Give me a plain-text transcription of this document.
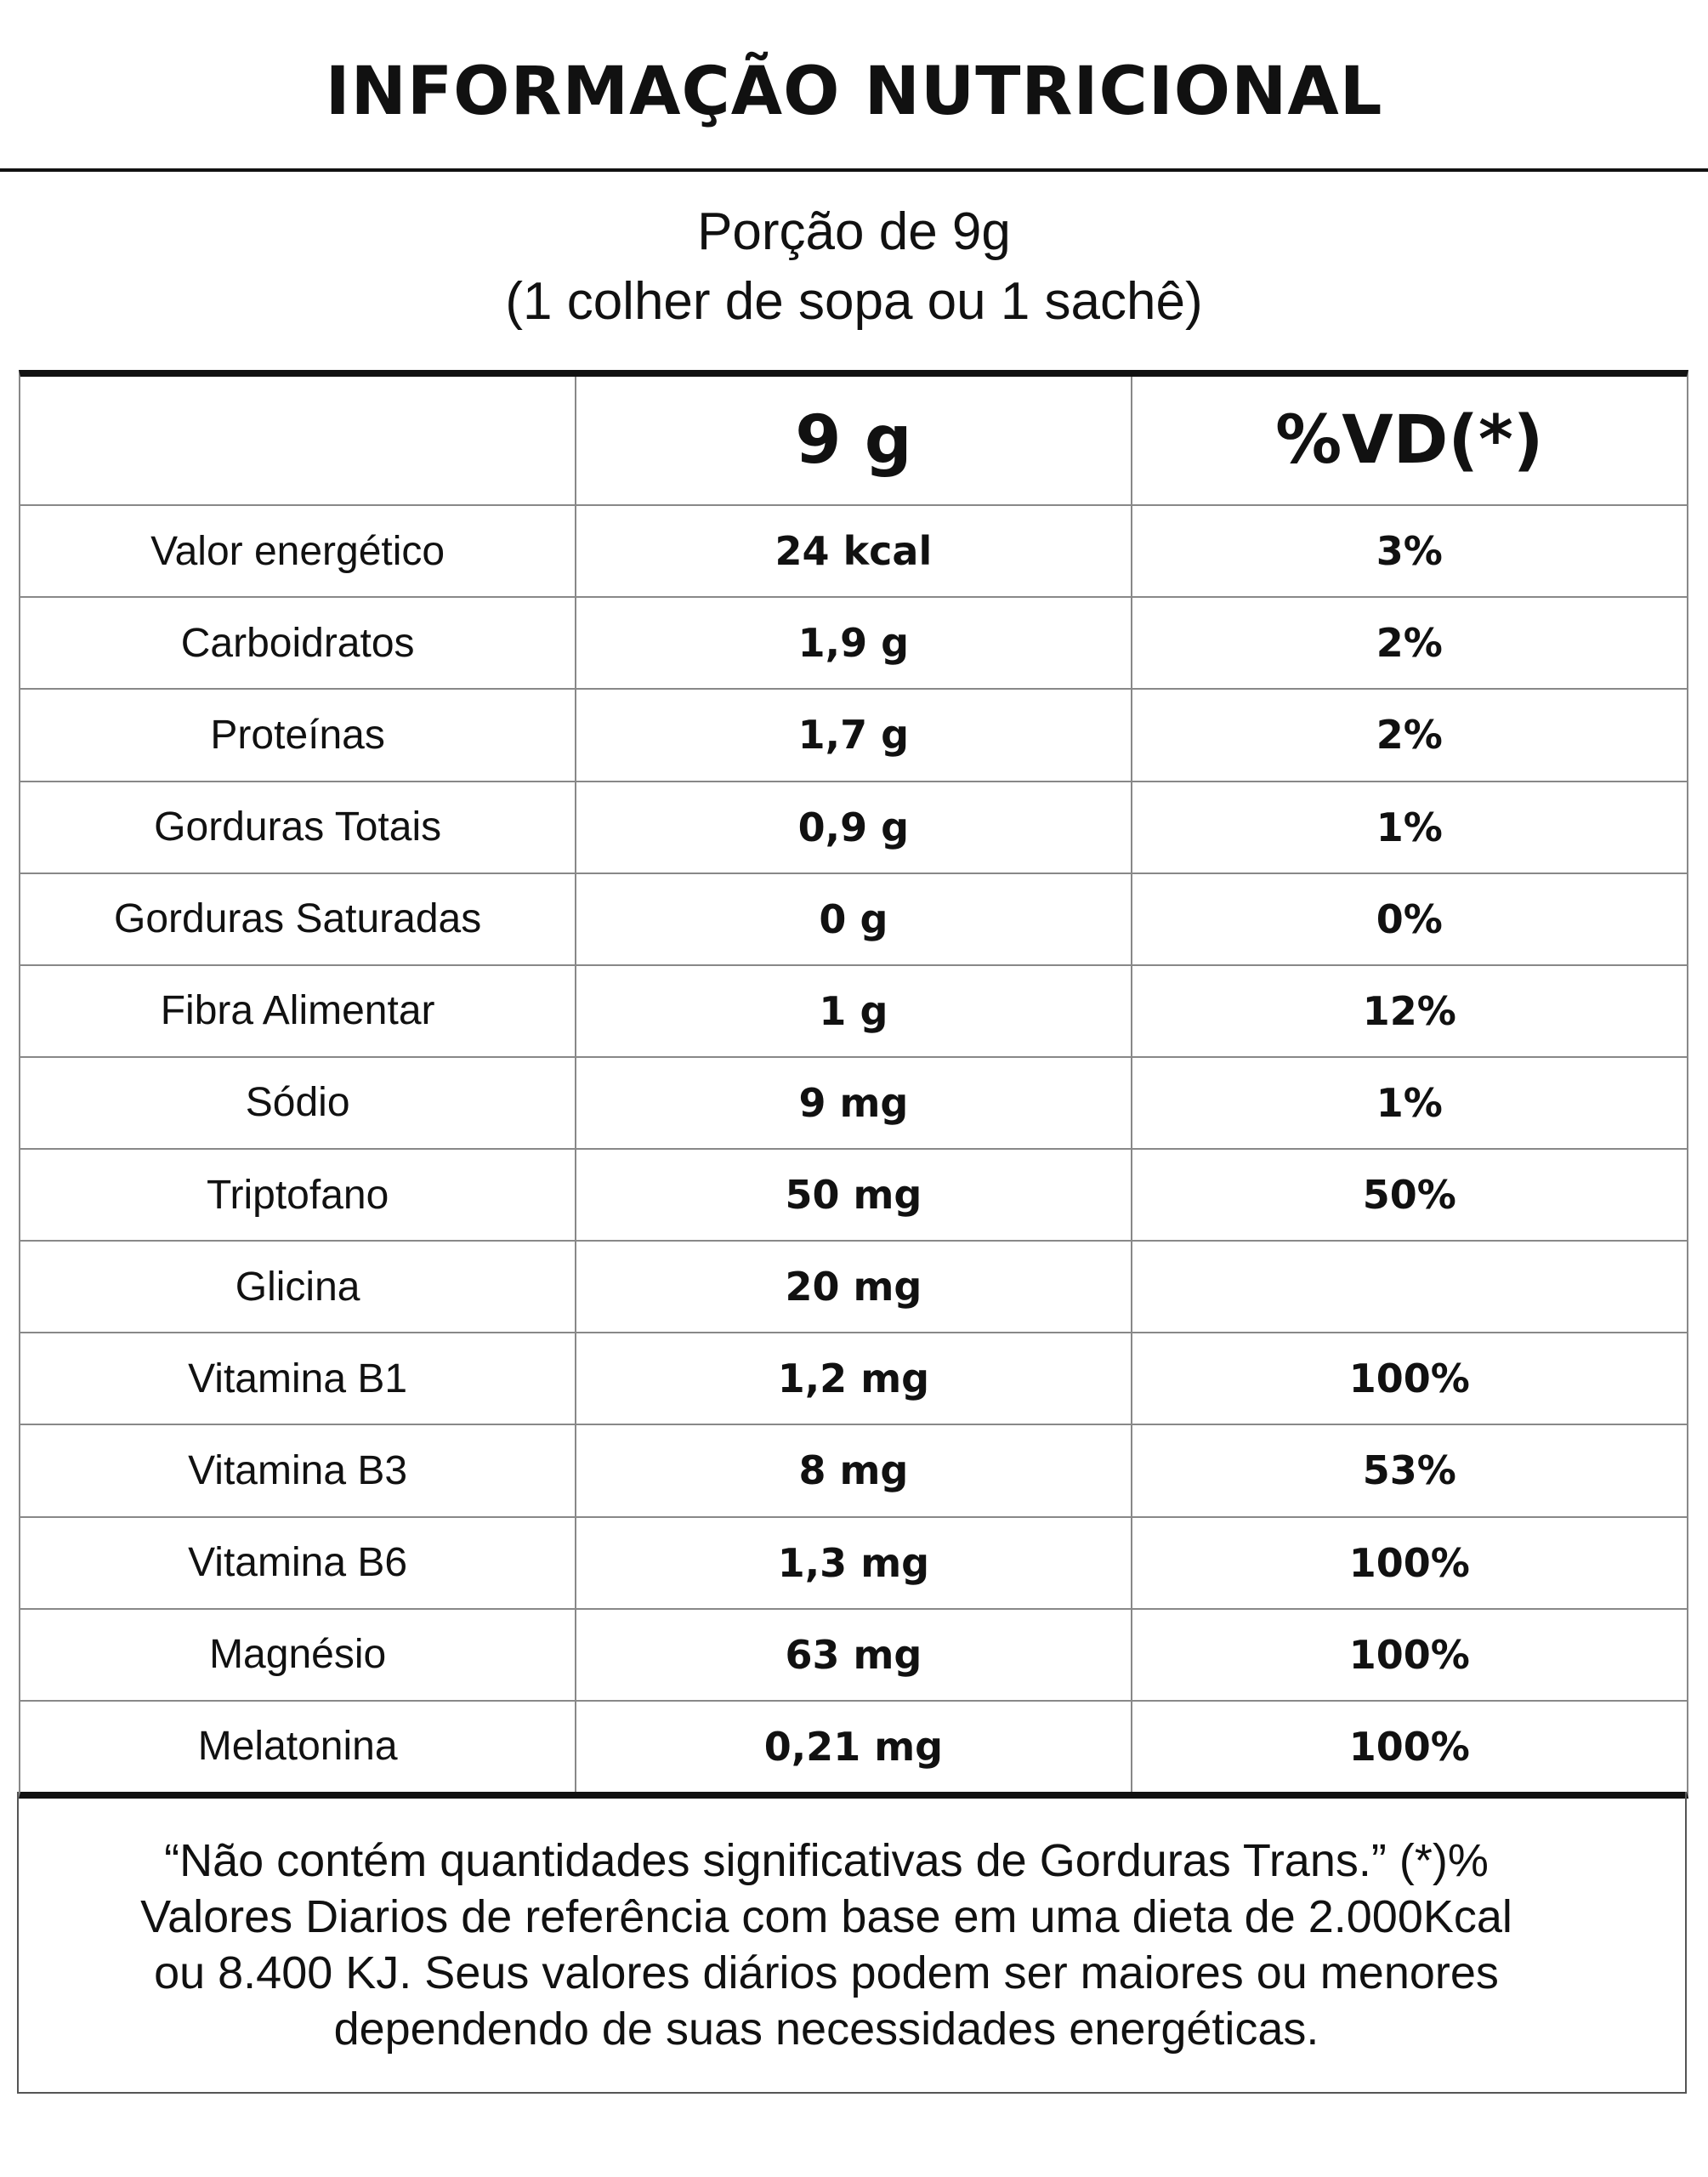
INFORMAÇÃO NUTRICIONAL
Porção de 9g
(1 colher de sopa ou 1 sachê)
	9 g	%VD(*)
Valor energético	24 kcal	3%
Carboidratos	1,9 g	2%
Proteínas	1,7 g	2%
Gorduras Totais	0,9 g	1%
Gorduras Saturadas	0 g	0%
Fibra Alimentar	1 g	12%
Sódio	9 mg	1%
Triptofano	50 mg	50%
Glicina	20 mg	
Vitamina B1	1,2 mg	100%
Vitamina B3	8 mg	53%
Vitamina B6	1,3 mg	100%
Magnésio	63 mg	100%
Melatonina	0,21 mg	100%

“Não contém quantidades significativas de Gorduras Trans.” (*)%
Valores Diarios de referência com base em uma dieta de 2.000Kcal
ou 8.400 KJ. Seus valores diários podem ser maiores ou menores
dependendo de suas necessidades energéticas.
